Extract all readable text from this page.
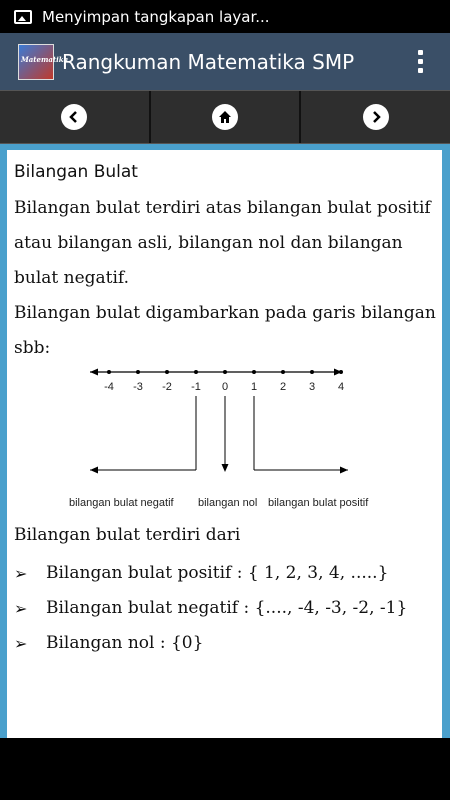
Menyimpan tangkapan layar...
Matematika
Rangkuman Matematika SMP
Bilangan Bulat

Bilangan bulat terdiri atas bilangan bulat positif atau bilangan asli, bilangan nol dan bilangan bulat negatif.

Bilangan bulat digambarkan pada garis bilangan sbb:

-4 -3 -2 -1 0 1 2 3 4
bilangan bulat negatif bilangan nol bilangan bulat positif

Bilangan bulat terdiri dari

➢	Bilangan bulat positif : { 1, 2, 3, 4, .....}
➢	Bilangan bulat negatif : {...., -4, -3, -2, -1}
➢	Bilangan nol : {0}
